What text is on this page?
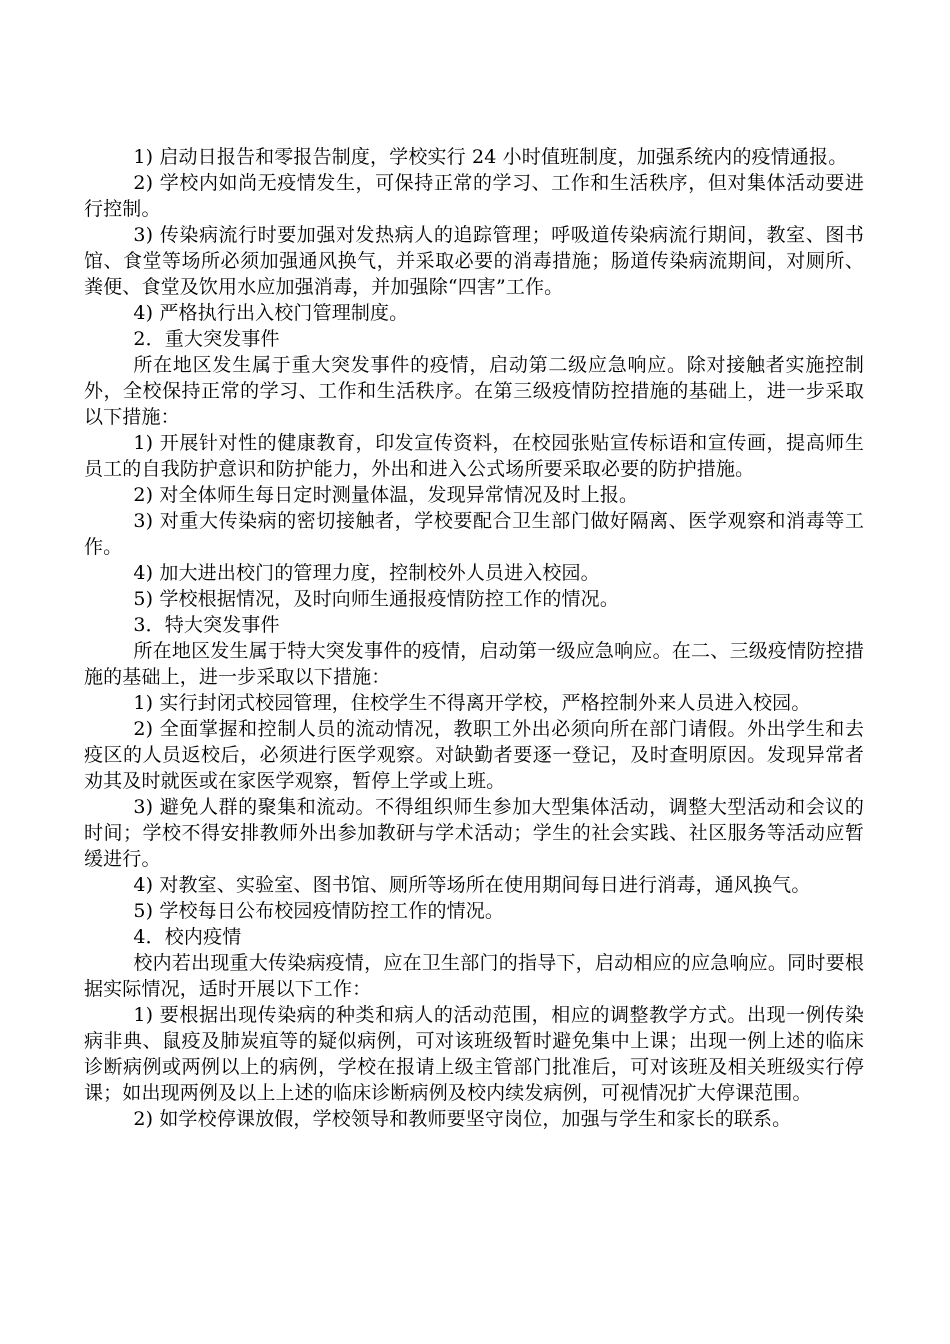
1) 启动日报告和零报告制度，学校实行 24 小时值班制度，加强系统内的疫情通报。

2) 学校内如尚无疫情发生，可保持正常的学习、工作和生活秩序，但对集体活动要进行控制。

3) 传染病流行时要加强对发热病人的追踪管理；呼吸道传染病流行期间，教室、图书馆、食堂等场所必须加强通风换气，并采取必要的消毒措施；肠道传染病流期间，对厕所、粪便、食堂及饮用水应加强消毒，并加强除“四害”工作。

4) 严格执行出入校门管理制度。

2．重大突发事件

所在地区发生属于重大突发事件的疫情，启动第二级应急响应。除对接触者实施控制外，全校保持正常的学习、工作和生活秩序。在第三级疫情防控措施的基础上，进一步采取以下措施：

1) 开展针对性的健康教育，印发宣传资料，在校园张贴宣传标语和宣传画，提高师生员工的自我防护意识和防护能力，外出和进入公式场所要采取必要的防护措施。

2) 对全体师生每日定时测量体温，发现异常情况及时上报。

3) 对重大传染病的密切接触者，学校要配合卫生部门做好隔离、医学观察和消毒等工作。

4) 加大进出校门的管理力度，控制校外人员进入校园。

5) 学校根据情况，及时向师生通报疫情防控工作的情况。

3．特大突发事件

所在地区发生属于特大突发事件的疫情，启动第一级应急响应。在二、三级疫情防控措施的基础上，进一步采取以下措施：

1) 实行封闭式校园管理，住校学生不得离开学校，严格控制外来人员进入校园。

2) 全面掌握和控制人员的流动情况，教职工外出必须向所在部门请假。外出学生和去疫区的人员返校后，必须进行医学观察。对缺勤者要逐一登记，及时查明原因。发现异常者劝其及时就医或在家医学观察，暂停上学或上班。

3) 避免人群的聚集和流动。不得组织师生参加大型集体活动，调整大型活动和会议的时间；学校不得安排教师外出参加教研与学术活动；学生的社会实践、社区服务等活动应暂缓进行。

4) 对教室、实验室、图书馆、厕所等场所在使用期间每日进行消毒，通风换气。

5) 学校每日公布校园疫情防控工作的情况。

4．校内疫情

校内若出现重大传染病疫情，应在卫生部门的指导下，启动相应的应急响应。同时要根据实际情况，适时开展以下工作：

1) 要根据出现传染病的种类和病人的活动范围，相应的调整教学方式。出现一例传染病非典、鼠疫及肺炭疽等的疑似病例，可对该班级暂时避免集中上课；出现一例上述的临床诊断病例或两例以上的病例，学校在报请上级主管部门批准后，可对该班及相关班级实行停课；如出现两例及以上上述的临床诊断病例及校内续发病例，可视情况扩大停课范围。

2) 如学校停课放假，学校领导和教师要坚守岗位，加强与学生和家长的联系。
